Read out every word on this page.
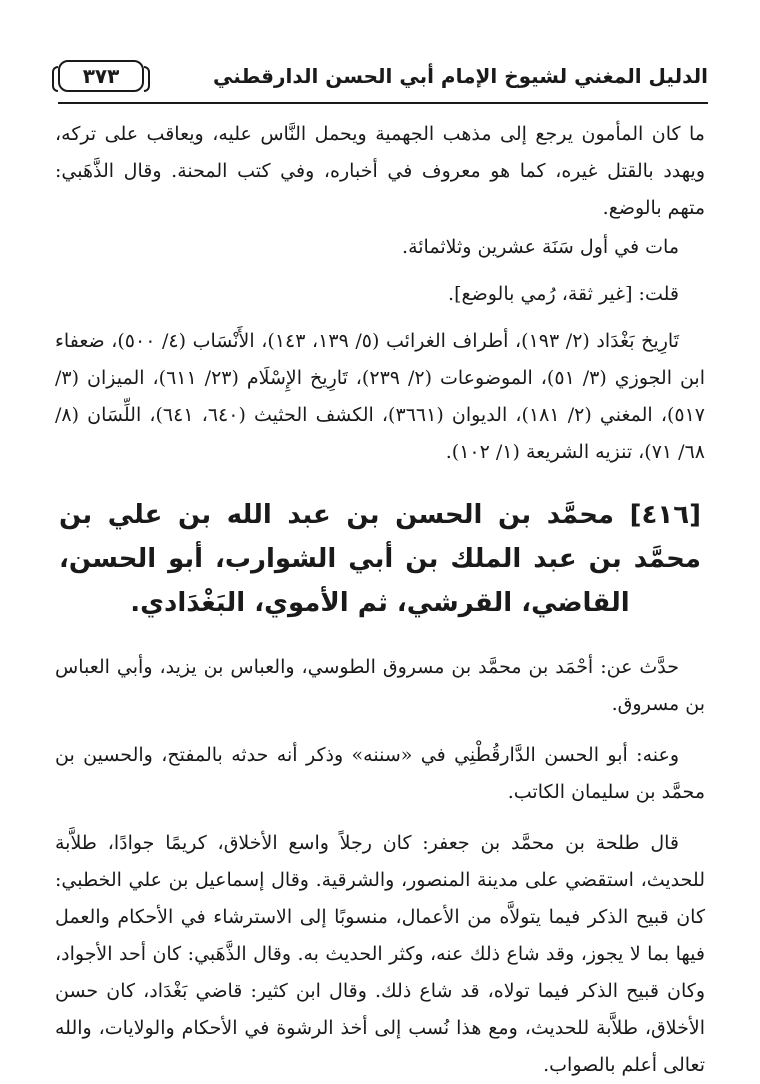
الدليل المغني لشيوخ الإمام أبي الحسن الدارقطني
٣٧٣

ما كان المأمون يرجع إلى مذهب الجهمية ويحمل النَّاس عليه، ويعاقب على تركه، ويهدد بالقتل غيره، كما هو معروف في أخباره، وفي كتب المحنة. وقال الذَّهَبي: متهم بالوضع.

مات في أول سَنَة عشرين وثلاثمائة.

قلت: [غير ثقة، رُمي بالوضع].

تَارِيخ بَغْدَاد (٢/ ١٩٣)، أطراف الغرائب (٥/ ١٣٩، ١٤٣)، الأَنْسَاب (٤/ ٥٠٠)، ضعفاء ابن الجوزي (٣/ ٥١)، الموضوعات (٢/ ٢٣٩)، تَارِيخ الإِسْلَام (٢٣/ ٦١١)، الميزان (٣/ ٥١٧)، المغني (٢/ ١٨١)، الديوان (٣٦٦١)، الكشف الحثيث (٦٤٠، ٦٤١)، اللِّسَان (٨/ ٦٨/ ٧١)، تنزيه الشريعة (١/ ١٠٢).

[٤١٦] محمَّد بن الحسن بن عبد الله بن علي بن محمَّد بن عبد الملك بن أبي الشوارب، أبو الحسن، القاضي، القرشي، ثم الأموي، البَغْدَادي.

حدَّث عن: أحْمَد بن محمَّد بن مسروق الطوسي، والعباس بن يزيد، وأبي العباس بن مسروق.

وعنه: أبو الحسن الدَّارقُطْنِي في «سننه» وذكر أنه حدثه بالمفتح، والحسين بن محمَّد بن سليمان الكاتب.

قال طلحة بن محمَّد بن جعفر: كان رجلاً واسع الأخلاق، كريمًا جوادًا، طلاَّبة للحديث، استقضي على مدينة المنصور، والشرقية. وقال إسماعيل بن علي الخطبي: كان قبيح الذكر فيما يتولاَّه من الأعمال، منسوبًا إلى الاسترشاء في الأحكام والعمل فيها بما لا يجوز، وقد شاع ذلك عنه، وكثر الحديث به. وقال الذَّهَبي: كان أحد الأجواد، وكان قبيح الذكر فيما تولاه، قد شاع ذلك. وقال ابن كثير: قاضي بَغْدَاد، كان حسن الأخلاق، طلاَّبة للحديث، ومع هذا نُسب إلى أخذ الرشوة في الأحكام والولايات، والله تعالى أعلم بالصواب.
